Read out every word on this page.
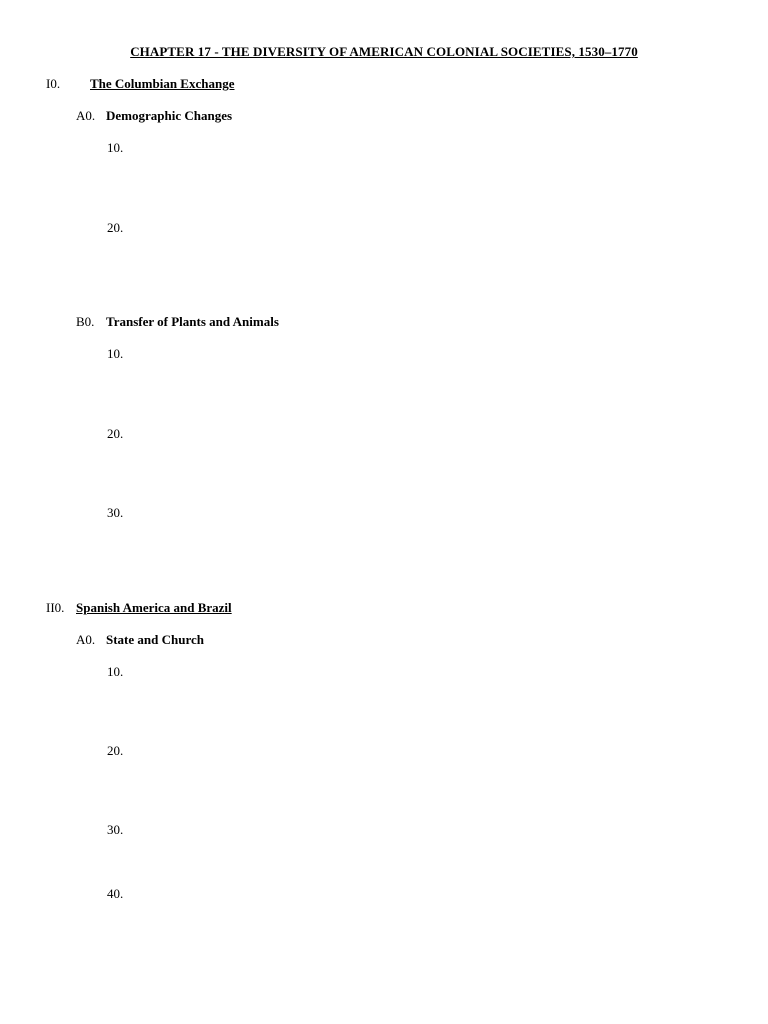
CHAPTER 17 - THE DIVERSITY OF AMERICAN COLONIAL SOCIETIES, 1530–1770
I0. The Columbian Exchange
A0. Demographic Changes
10.
20.
B0. Transfer of Plants and Animals
10.
20.
30.
II0. Spanish America and Brazil
A0. State and Church
10.
20.
30.
40.
